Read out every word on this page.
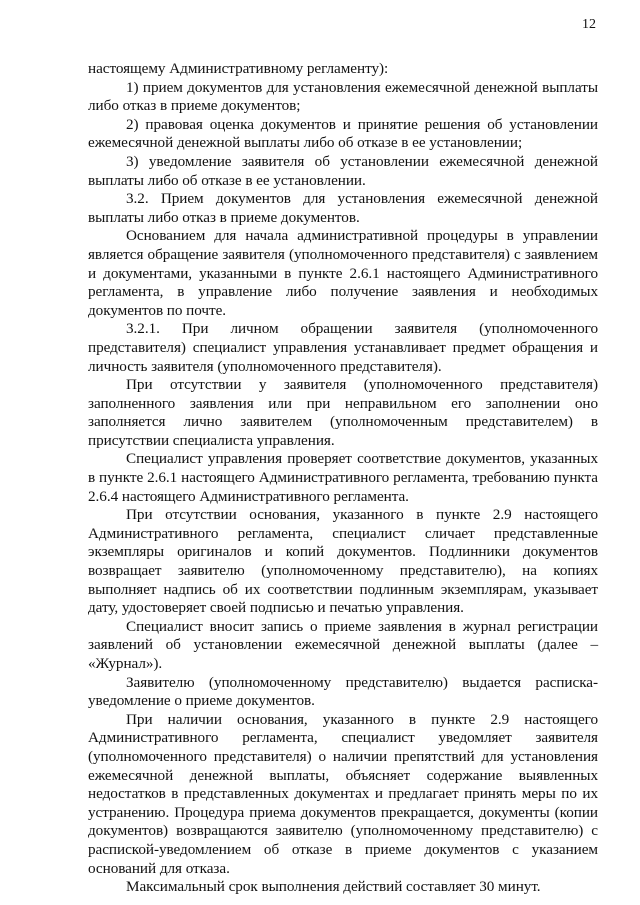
12

настоящему Административному регламенту):

1) прием документов для установления ежемесячной денежной выплаты либо отказ в приеме документов;

2) правовая оценка документов и принятие решения об установлении ежемесячной денежной выплаты либо об отказе в ее установлении;

3) уведомление заявителя об установлении ежемесячной денежной выплаты либо об отказе в ее установлении.

3.2. Прием документов для установления ежемесячной денежной выплаты либо отказ в приеме документов.

Основанием для начала административной процедуры в управлении является обращение заявителя (уполномоченного представителя) с заявлением и документами, указанными в пункте 2.6.1 настоящего Административного регламента, в управление либо получение заявления и необходимых документов по почте.

3.2.1. При личном обращении заявителя (уполномоченного представителя) специалист управления устанавливает предмет обращения и личность заявителя (уполномоченного представителя).

При отсутствии у заявителя (уполномоченного представителя) заполненного заявления или при неправильном его заполнении оно заполняется лично заявителем (уполномоченным представителем) в присутствии специалиста управления.

Специалист управления проверяет соответствие документов, указанных в пункте 2.6.1 настоящего Административного регламента, требованию пункта 2.6.4 настоящего Административного регламента.

При отсутствии основания, указанного в пункте 2.9 настоящего Административного регламента, специалист сличает представленные экземпляры оригиналов и копий документов. Подлинники документов возвращает заявителю (уполномоченному представителю), на копиях выполняет надпись об их соответствии подлинным экземплярам, указывает дату, удостоверяет своей подписью и печатью управления.

Специалист вносит запись о приеме заявления в журнал регистрации заявлений об установлении ежемесячной денежной выплаты (далее – «Журнал»).

Заявителю (уполномоченному представителю) выдается расписка-уведомление о приеме документов.

При наличии основания, указанного в пункте 2.9 настоящего Административного регламента, специалист уведомляет заявителя (уполномоченного представителя) о наличии препятствий для установления ежемесячной денежной выплаты, объясняет содержание выявленных недостатков в представленных документах и предлагает принять меры по их устранению. Процедура приема документов прекращается, документы (копии документов) возвращаются заявителю (уполномоченному представителю) с распиской-уведомлением об отказе в приеме документов с указанием оснований для отказа.

Максимальный срок выполнения действий составляет 30 минут.
